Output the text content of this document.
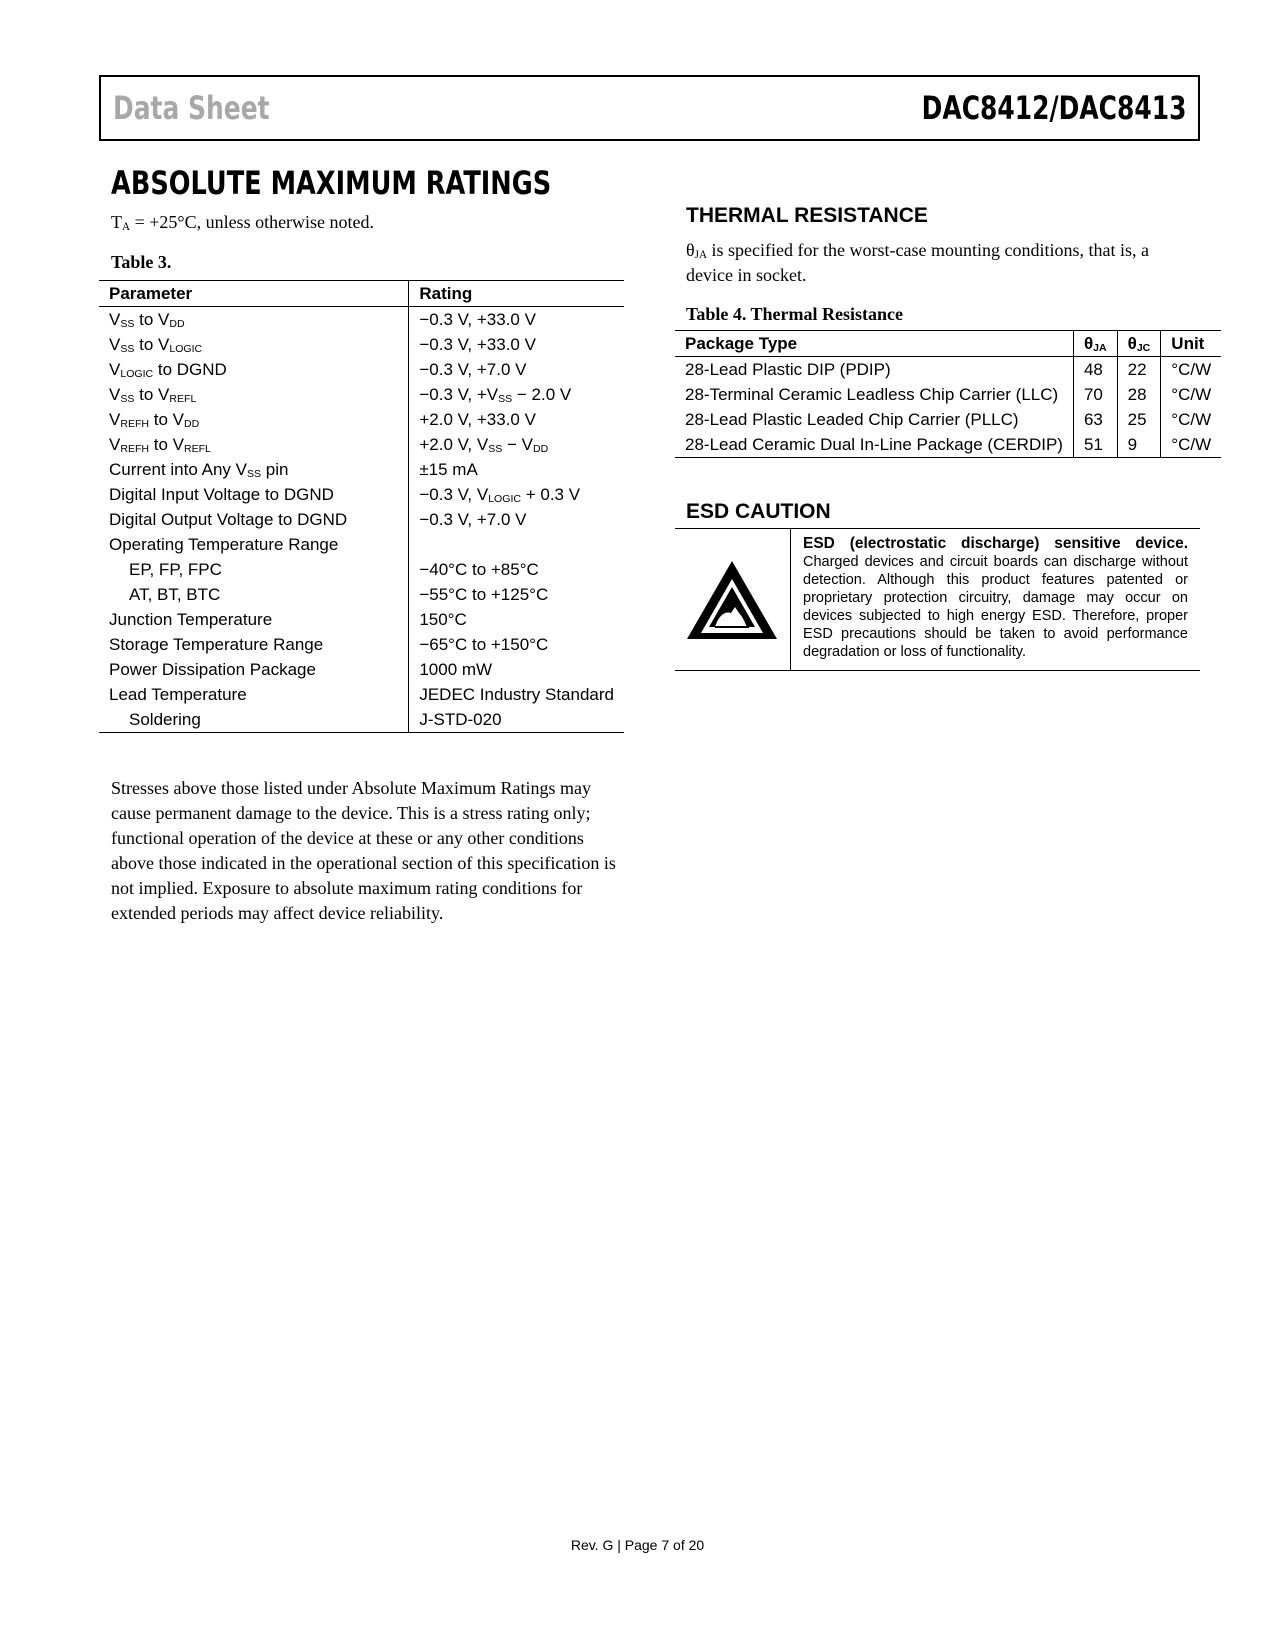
Data Sheet	DAC8412/DAC8413
ABSOLUTE MAXIMUM RATINGS
$T_A = +25^\circ C$, unless otherwise noted.
Table 3.
Parameter	Rating
$V_{SS}$ to $V_{DD}$	−0.3 V, +33.0 V
$V_{SS}$ to $V_{LOGIC}$	−0.3 V, +33.0 V
$V_{LOGIC}$ to DGND	−0.3 V, +7.0 V
$V_{SS}$ to $V_{REFL}$	−0.3 V, $+V_{SS} - 2.0$ V
$V_{REFH}$ to $V_{DD}$	+2.0 V, +33.0 V
$V_{REFH}$ to $V_{REFL}$	+2.0 V, $V_{SS} - V_{DD}$
Current into Any $V_{SS}$ pin	±15 mA
Digital Input Voltage to DGND	−0.3 V, $V_{LOGIC} + 0.3$ V
Digital Output Voltage to DGND	−0.3 V, +7.0 V
Operating Temperature Range	
EP, FP, FPC	−40°C to +85°C
AT, BT, BTC	−55°C to +125°C
Junction Temperature	150°C
Storage Temperature Range	−65°C to +150°C
Power Dissipation Package	1000 mW
Lead Temperature	JEDEC Industry Standard
Soldering	J-STD-020
Stresses above those listed under Absolute Maximum Ratings may cause permanent damage to the device. This is a stress rating only; functional operation of the device at these or any other conditions above those indicated in the operational section of this specification is not implied. Exposure to absolute maximum rating conditions for extended periods may affect device reliability.
THERMAL RESISTANCE
$\theta_{JA}$ is specified for the worst-case mounting conditions, that is, a device in socket.
Table 4. Thermal Resistance
Package Type	$\theta_{JA}$	$\theta_{JC}$	Unit
28-Lead Plastic DIP (PDIP)	48	22	°C/W
28-Terminal Ceramic Leadless Chip Carrier (LLC)	70	28	°C/W
28-Lead Plastic Leaded Chip Carrier (PLLC)	63	25	°C/W
28-Lead Ceramic Dual In-Line Package (CERDIP)	51	9	°C/W
ESD CAUTION
ESD (electrostatic discharge) sensitive device. Charged devices and circuit boards can discharge without detection. Although this product features patented or proprietary protection circuitry, damage may occur on devices subjected to high energy ESD. Therefore, proper ESD precautions should be taken to avoid performance degradation or loss of functionality.
Rev. G | Page 7 of 20
